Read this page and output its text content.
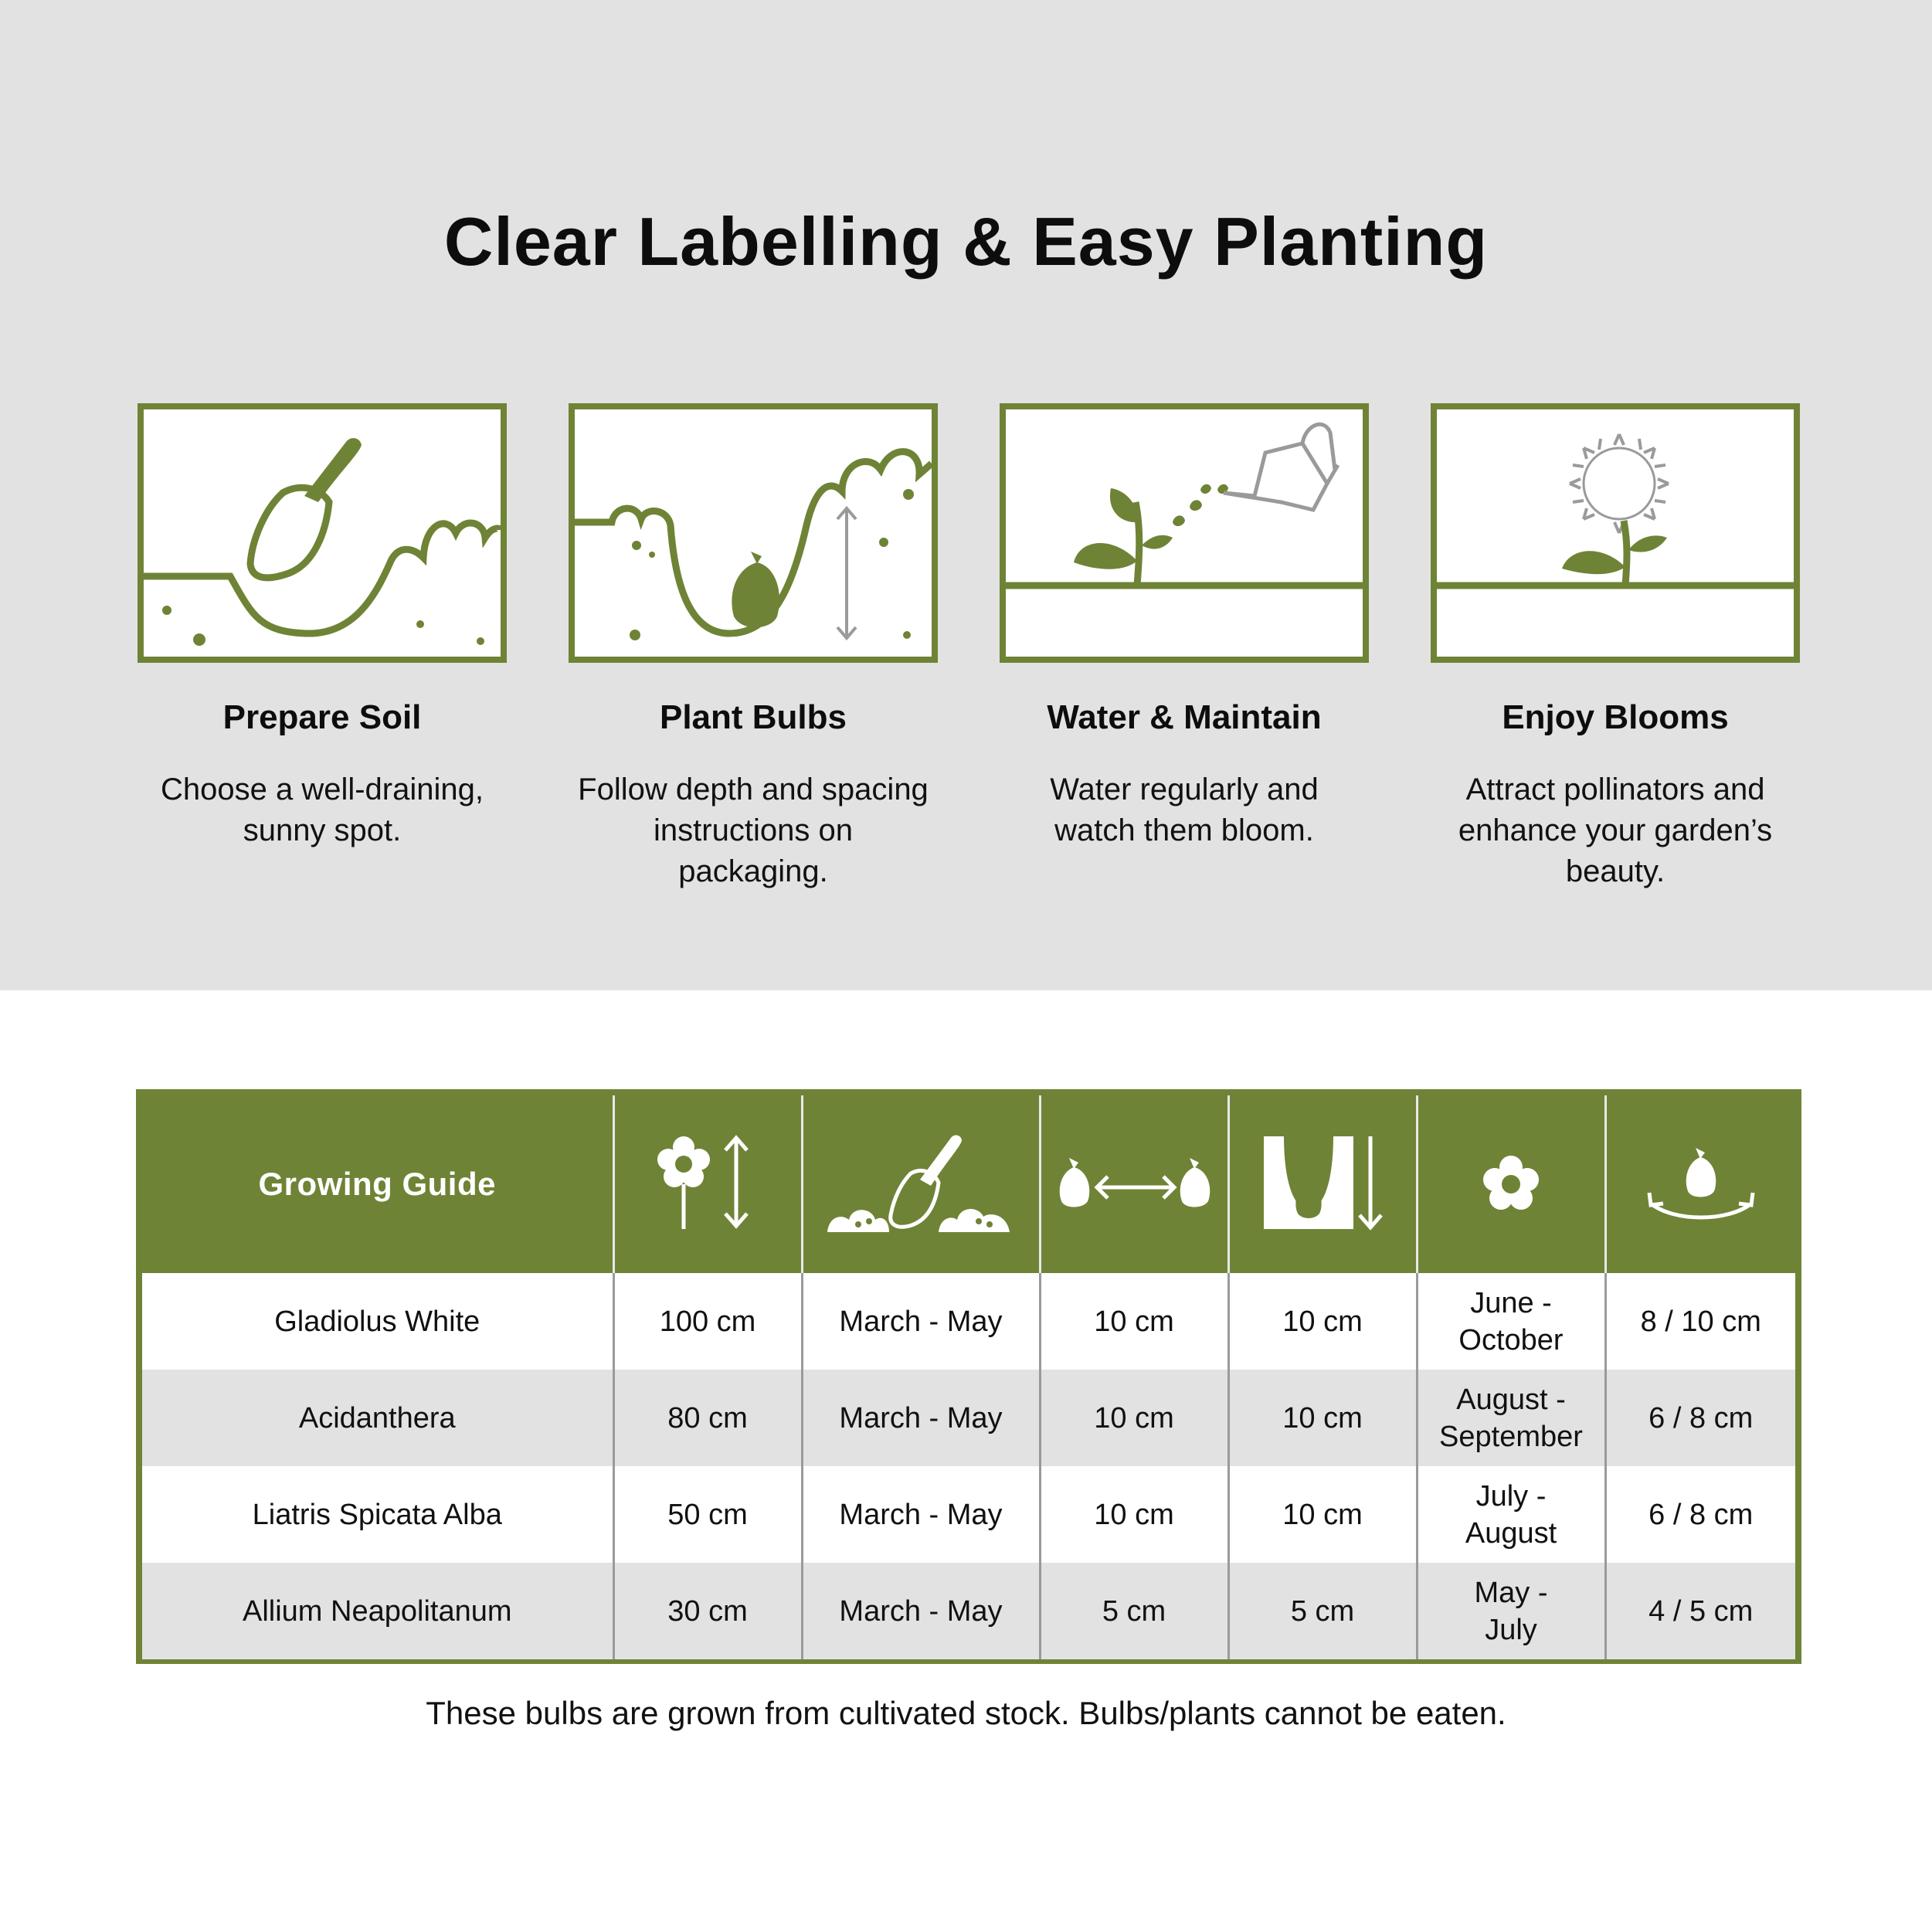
Clear Labelling & Easy Planting
Prepare Soil
Choose a well-draining, sunny spot.
Plant Bulbs
Follow depth and spacing instructions on packaging.
Water & Maintain
Water regularly and watch them bloom.
Enjoy Blooms
Attract pollinators and enhance your garden’s beauty.
Growing Guide	

Gladiolus White	100 cm	March - May	10 cm	10 cm	June - October	8 / 10 cm
Acidanthera	80 cm	March - May	10 cm	10 cm	August - September	6 / 8 cm
Liatris Spicata Alba	50 cm	March - May	10 cm	10 cm	July - August	6 / 8 cm
Allium Neapolitanum	30 cm	March - May	5 cm	5 cm	May - July	4 / 5 cm
These bulbs are grown from cultivated stock. Bulbs/plants cannot be eaten.
